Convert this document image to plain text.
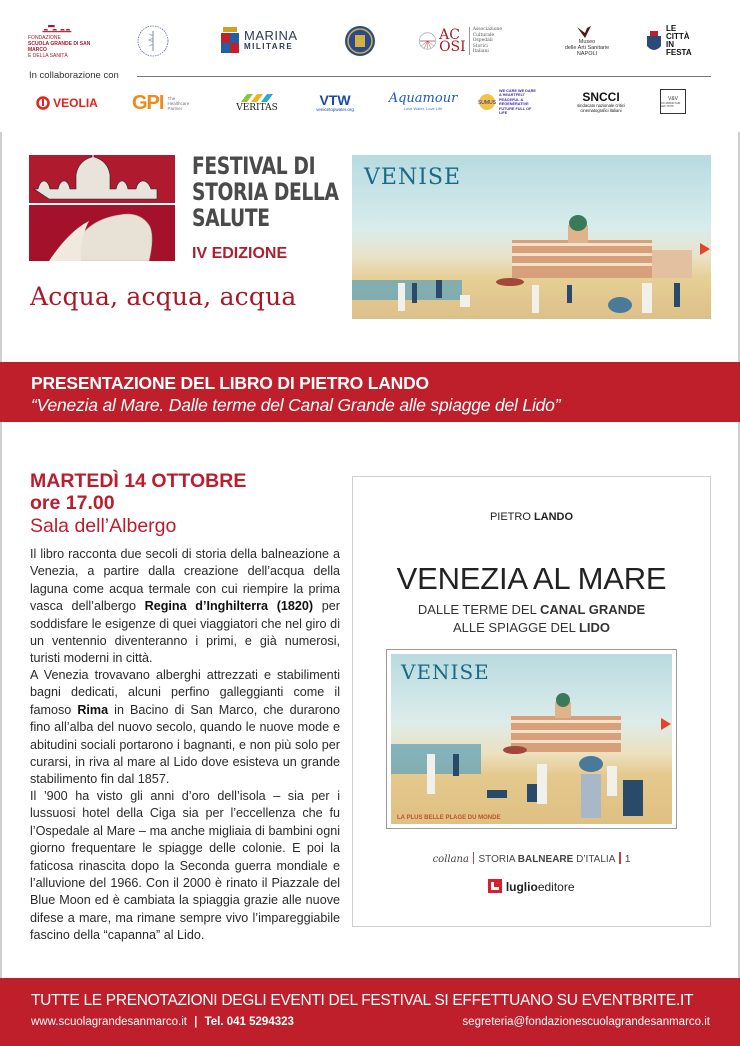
FONDAZIONE
SCUOLA GRANDE DI SAN MARCO
E DELLA SANITÀ
MARINA
MILITARE
AC
OSI
Associazione
Culturale
Ospedali
Storici
Italiani
Museo
delle Arti Sanitarie
NAPOLI
LE
CITTÀ
IN
FESTA
In collaborazione con
VEOLIA GPI The Healthcare Partner	VERITAS	VTW
venicetopwater.org
Aquamour
Love Water, Love Life
SUMUS
WE CARE WE DARE A HEARTFELT PEACEFUL & REGENERATIVE FUTURE FULL OF LIFE
SNCCI
sindacato nazionale critici cinematografici italiani
V&V
UN JARDIN SUR LES TOITS
FESTIVAL DI
STORIA DELLA
SALUTE
IV EDIZIONE
Acqua, acqua, acqua
VENISE
PRESENTAZIONE DEL LIBRO DI PIETRO LANDO
“Venezia al Mare. Dalle terme del Canal Grande alle spiagge del Lido”
MARTEDÌ 14 OTTOBRE
ore 17.00
Sala dell’Albergo

Il libro racconta due secoli di storia della balneazione a Venezia, a partire dalla creazione dell’acqua della laguna come acqua termale con cui riempire la prima vasca dell’albergo Regina d’Inghilterra (1820) per soddisfare le esigenze di quei viaggiatori che nel giro di un ventennio diventeranno i primi, e già numerosi, turisti moderni in città.

A Venezia trovavano alberghi attrezzati e stabilimenti bagni dedicati, alcuni perfino galleggianti come il famoso Rima in Bacino di San Marco, che durarono fino all’alba del nuovo secolo, quando le nuove mode e abitudini sociali portarono i bagnanti, e non più solo per curarsi, in riva al mare al Lido dove esisteva un grande stabilimento fin dal 1857.

Il ’900 ha visto gli anni d’oro dell’isola – sia per i lussuosi hotel della Ciga sia per l’eccellenza che fu l’Ospedale al Mare – ma anche migliaia di bambini ogni giorno frequentare le spiagge delle colonie. E poi la faticosa rinascita dopo la Seconda guerra mondiale e l’alluvione del 1966. Con il 2000 è rinato il Piazzale del Blue Moon ed è cambiata la spiaggia grazie alle nuove difese a mare, ma rimane sempre vivo l’impareggiabile fascino della “capanna” al Lido.

PIETRO LANDO
VENEZIA AL MARE
DALLE TERME DEL CANAL GRANDE
ALLE SPIAGGE DEL LIDO
VENISE
LA PLUS BELLE PLAGE DU MONDE
collana STORIA BALNEARE D’ITALIA 1
luglioeditore
TUTTE LE PRENOTAZIONI DEGLI EVENTI DEL FESTIVAL SI EFFETTUANO SU EVENTBRITE.IT
www.scuolagrandesanmarco.it | Tel. 041 5294323	segreteria@fondazionescuolagrandesanmarco.it
